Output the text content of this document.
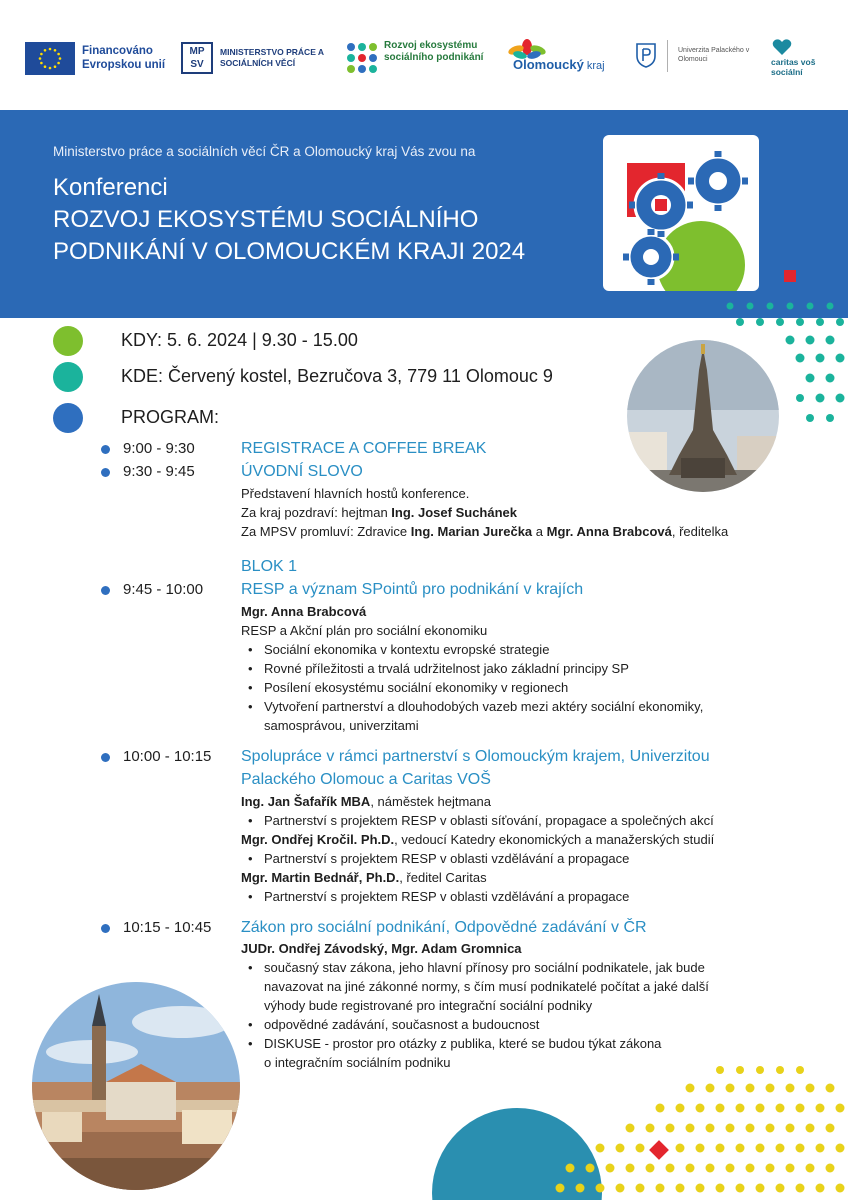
Financováno Evropskou unií
MP SV
MINISTERSTVO PRÁCE A SOCIÁLNÍCH VĚCÍ
Rozvoj ekosystému sociálního podnikání	Olomoucký kraj
Univerzita Palackého v Olomouci	caritas voš sociální
Ministerstvo práce a sociálních věcí ČR a Olomoucký kraj Vás zvou na
Konferenci
ROZVOJ EKOSYSTÉMU SOCIÁLNÍHO
PODNIKÁNÍ V OLOMOUCKÉM KRAJI 2024
KDY: 5. 6. 2024 | 9.30 - 15.00
KDE: Červený kostel, Bezručova 3, 779 11 Olomouc 9
PROGRAM:
9:00 - 9:30	REGISTRACE A COFFEE BREAK
9:30 - 9:45	ÚVODNÍ SLOVO
Představení hlavních hostů konference.
Za kraj pozdraví: hejtman Ing. Josef Suchánek
Za MPSV promluví: Zdravice Ing. Marian Jurečka a Mgr. Anna Brabcová, ředitelka
BLOK 1
9:45 - 10:00 RESP a význam SPointů pro podnikání v krajích
Mgr. Anna Brabcová
RESP a Akční plán pro sociální ekonomiku
• Sociální ekonomika v kontextu evropské strategie
• Rovné příležitosti a trvalá udržitelnost jako základní principy SP
• Posílení ekosystému sociální ekonomiky v regionech
• Vytvoření partnerství a dlouhodobých vazeb mezi aktéry sociální ekonomiky,
samosprávou, univerzitami
10:00 - 10:15 Spolupráce v rámci partnerství s Olomouckým krajem, Univerzitou
Palackého Olomouc a Caritas VOŠ
Ing. Jan Šafařík MBA, náměstek hejtmana
• Partnerství s projektem RESP v oblasti síťování, propagace a společných akcí
Mgr. Ondřej Kročil. Ph.D., vedoucí Katedry ekonomických a manažerských studií
• Partnerství s projektem RESP v oblasti vzdělávání a propagace
Mgr. Martin Bednář, Ph.D., ředitel Caritas
• Partnerství s projektem RESP v oblasti vzdělávání a propagace
10:15 - 10:45 Zákon pro sociální podnikání, Odpovědné zadávání v ČR
JUDr. Ondřej Závodský, Mgr. Adam Gromnica
• současný stav zákona, jeho hlavní přínosy pro sociální podnikatele, jak bude
navazovat na jiné zákonné normy, s čím musí podnikatelé počítat a jaké další
výhody bude registrované pro integrační sociální podniky
• odpovědné zadávání, současnost a budoucnost
• DISKUSE - prostor pro otázky z publika, které se budou týkat zákona
o integračním sociálním podniku
